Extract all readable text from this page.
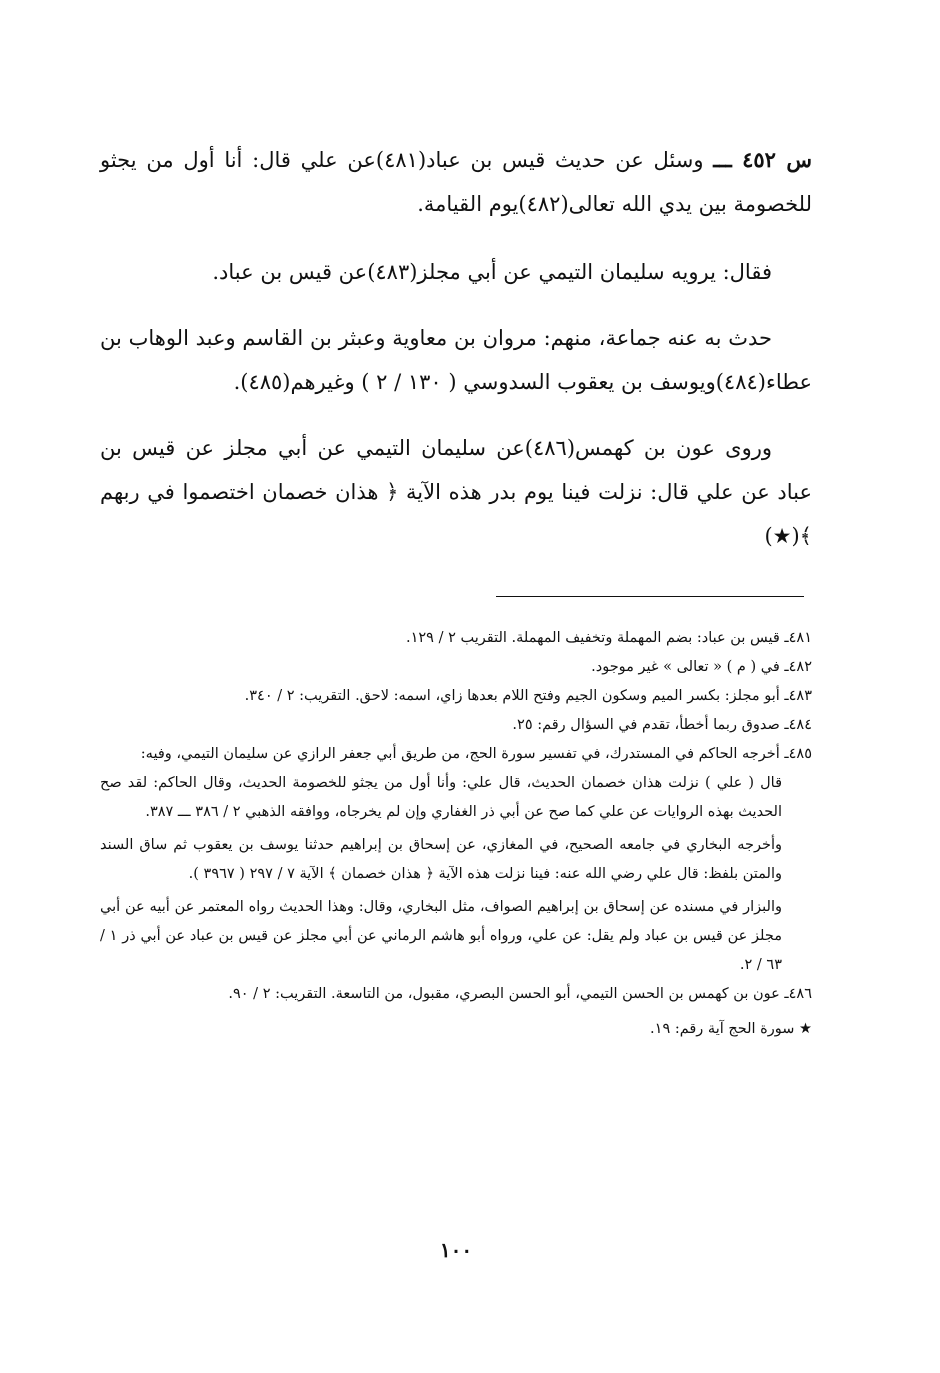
س ٤٥٢ ـــ وسئل عن حديث قيس بن عباد(٤٨١)عن علي قال: أنا أول من يجثو للخصومة بين يدي الله تعالى(٤٨٢)يوم القيامة.

فقال: يرويه سليمان التيمي عن أبي مجلز(٤٨٣)عن قيس بن عباد.

حدث به عنه جماعة، منهم: مروان بن معاوية وعبثر بن القاسم وعبد الوهاب بن عطاء(٤٨٤)ويوسف بن يعقوب السدوسي ( ١٣٠ / ٢ ) وغيرهم(٤٨٥).

وروى عون بن كهمس(٤٨٦)عن سليمان التيمي عن أبي مجلز عن قيس بن عباد عن علي قال: نزلت فينا يوم بدر هذه الآية ﴿ هذان خصمان اختصموا في ربهم ﴾(★)

٤٨١ـ قيس بن عباد: بضم المهملة وتخفيف المهملة. التقريب ٢ / ١٢٩.

٤٨٢ـ في ( م ) « تعالى » غير موجود.

٤٨٣ـ أبو مجلز: بكسر الميم وسكون الجيم وفتح اللام بعدها زاي، اسمه: لاحق. التقريب: ٢ / ٣٤٠.

٤٨٤ـ صدوق ربما أخطأ، تقدم في السؤال رقم: ٢٥.

٤٨٥ـ أخرجه الحاكم في المستدرك، في تفسير سورة الحج، من طريق أبي جعفر الرازي عن سليمان التيمي، وفيه:

قال ( علي ) نزلت هذان خصمان الحديث، قال علي: وأنا أول من يجثو للخصومة الحديث، وقال الحاكم: لقد صح الحديث بهذه الروايات عن علي كما صح عن أبي ذر الغفاري وإن لم يخرجاه، ووافقه الذهبي ٢ / ٣٨٦ ـــ ٣٨٧.

وأخرجه البخاري في جامعه الصحيح، في المغازي، عن إسحاق بن إبراهيم حدثنا يوسف بن يعقوب ثم ساق السند والمتن بلفظ: قال علي رضي الله عنه: فينا نزلت هذه الآية ﴿ هذان خصمان ﴾ الآية ٧ / ٢٩٧ ( ٣٩٦٧ ).

والبزار في مسنده عن إسحاق بن إبراهيم الصواف، مثل البخاري، وقال: وهذا الحديث رواه المعتمر عن أبيه عن أبي مجلز عن قيس بن عباد ولم يقل: عن علي، ورواه أبو هاشم الرماني عن أبي مجلز عن قيس بن عباد عن أبي ذر ١ / ٦٣ / ٢.

٤٨٦ـ عون بن كهمس بن الحسن التيمي، أبو الحسن البصري، مقبول، من التاسعة. التقريب: ٢ / ٩٠.

★ سورة الحج آية رقم: ١٩.

١٠٠
